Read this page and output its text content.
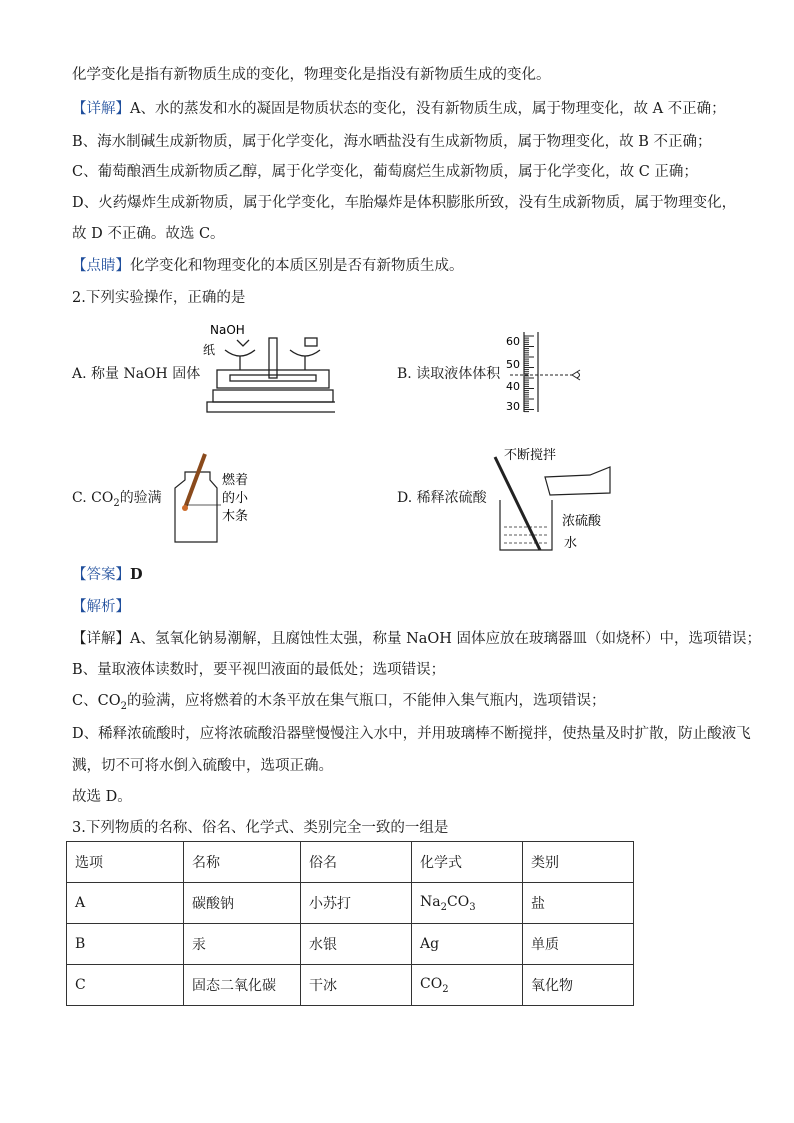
化学变化是指有新物质生成的变化，物理变化是指没有新物质生成的变化。
【详解】A、水的蒸发和水的凝固是物质状态的变化，没有新物质生成，属于物理变化，故 A 不正确；
B、海水制碱生成新物质，属于化学变化，海水晒盐没有生成新物质，属于物理变化，故 B 不正确；
C、葡萄酿酒生成新物质乙醇，属于化学变化，葡萄腐烂生成新物质，属于化学变化，故 C 正确；
D、火药爆炸生成新物质，属于化学变化，车胎爆炸是体积膨胀所致，没有生成新物质，属于物理变化，
故 D 不正确。故选 C。
【点睛】化学变化和物理变化的本质区别是否有新物质生成。
2.下列实验操作，正确的是
A. 称量 NaOH 固体	B. 读取液体体积
C. $CO_2$的验满	D. 稀释浓硫酸
NaOH
纸
60
50
40
30
燃着
的小
木条
不断搅拌
浓硫酸
水
【答案】D
【解析】
【详解】A、氢氧化钠易潮解，且腐蚀性太强，称量 NaOH 固体应放在玻璃器皿（如烧杯）中，选项错误；
B、量取液体读数时，要平视凹液面的最低处；选项错误；
C、$CO_2$的验满，应将燃着的木条平放在集气瓶口，不能伸入集气瓶内，选项错误；
D、稀释浓硫酸时，应将浓硫酸沿器壁慢慢注入水中，并用玻璃棒不断搅拌，使热量及时扩散，防止酸液飞
溅，切不可将水倒入硫酸中，选项正确。
故选 D。
3.下列物质的名称、俗名、化学式、类别完全一致的一组是
选项	名称	俗名	化学式	类别
A	碳酸钠	小苏打	$Na_2CO_3$	盐
B	汞	水银	Ag	单质
C	固态二氧化碳	干冰	$CO_2$	氧化物
